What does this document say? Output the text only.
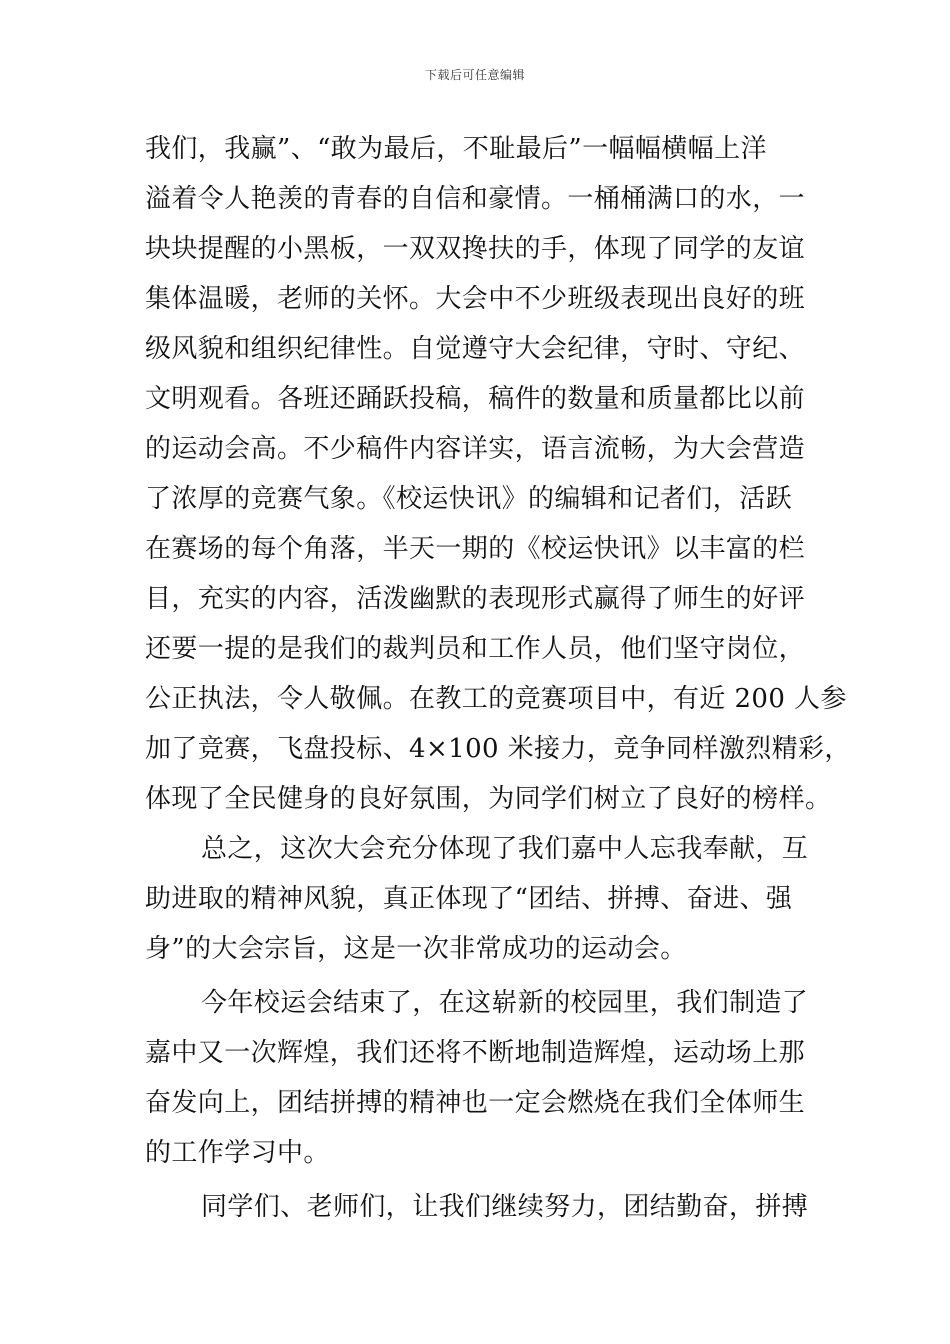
下载后可任意编辑
我们，我赢”、“敢为最后，不耻最后”一幅幅横幅上洋
溢着令人艳羡的青春的自信和豪情。一桶桶满口的水，一
块块提醒的小黑板，一双双搀扶的手，体现了同学的友谊
集体温暖，老师的关怀。大会中不少班级表现出良好的班
级风貌和组织纪律性。自觉遵守大会纪律，守时、守纪、
文明观看。各班还踊跃投稿，稿件的数量和质量都比以前
的运动会高。不少稿件内容详实，语言流畅，为大会营造
了浓厚的竞赛气象。《校运快讯》的编辑和记者们，活跃
在赛场的每个角落，半天一期的《校运快讯》以丰富的栏
目，充实的内容，活泼幽默的表现形式赢得了师生的好评
还要一提的是我们的裁判员和工作人员，他们坚守岗位，
公正执法，令人敬佩。在教工的竞赛项目中，有近 200 人参
加了竞赛，飞盘投标、4×100 米接力，竞争同样激烈精彩，
体现了全民健身的良好氛围，为同学们树立了良好的榜样。
总之，这次大会充分体现了我们嘉中人忘我奉献，互
助进取的精神风貌，真正体现了“团结、拼搏、奋进、强
身”的大会宗旨，这是一次非常成功的运动会。
今年校运会结束了，在这崭新的校园里，我们制造了
嘉中又一次辉煌，我们还将不断地制造辉煌，运动场上那
奋发向上，团结拼搏的精神也一定会燃烧在我们全体师生
的工作学习中。
同学们、老师们，让我们继续努力，团结勤奋，拼搏
